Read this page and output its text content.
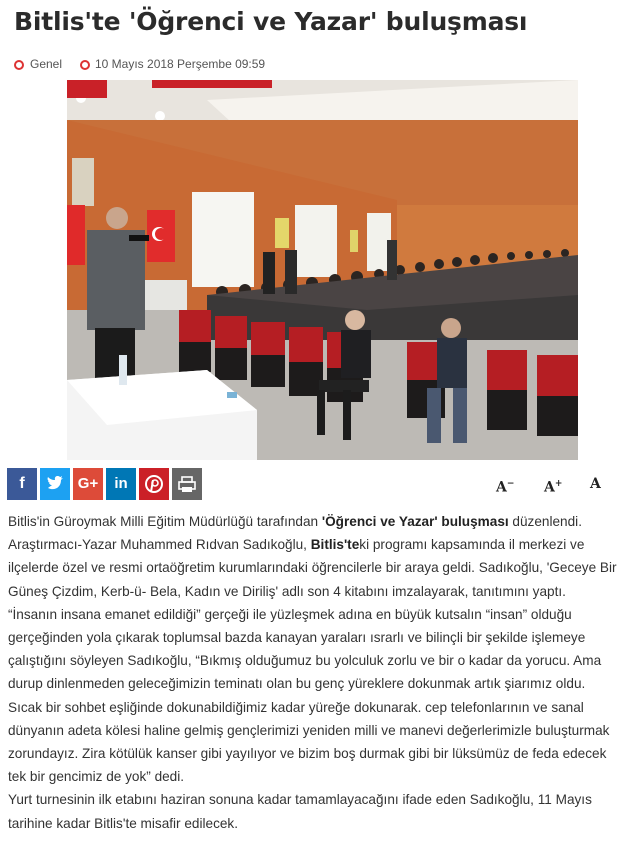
Bitlis'te 'Öğrenci ve Yazar' buluşması
Genel	10 Mayıs 2018 Perşembe 09:59
f	G+	in	A− A+ A

Bitlis'in Güroymak Milli Eğitim Müdürlüğü tarafından 'Öğrenci ve Yazar' buluşması düzenlendi.

Araştırmacı-Yazar Muhammed Rıdvan Sadıkoğlu, Bitlis'teki programı kapsamında il merkezi ve ilçelerde özel ve resmi ortaöğretim kurumlarındaki öğrencilerle bir araya geldi. Sadıkoğlu, 'Geceye Bir Güneş Çizdim, Kerb-ü- Bela, Kadın ve Diriliş' adlı son 4 kitabını imzalayarak, tanıtımını yaptı. “İnsanın insana emanet edildiği” gerçeği ile yüzleşmek adına en büyük kutsalın “insan” olduğu gerçeğinden yola çıkarak toplumsal bazda kanayan yaraları ısrarlı ve bilinçli bir şekilde işlemeye çalıştığını söyleyen Sadıkoğlu, “Bıkmış olduğumuz bu yolculuk zorlu ve bir o kadar da yorucu. Ama durup dinlenmeden geleceğimizin teminatı olan bu genç yüreklere dokunmak artık şiarımız oldu. Sıcak bir sohbet eşliğinde dokunabildiğimiz kadar yüreğe dokunarak. cep telefonlarının ve sanal dünyanın adeta kölesi haline gelmiş gençlerimizi yeniden milli ve manevi değerlerimizle buluşturmak zorundayız. Zira kötülük kanser gibi yayılıyor ve bizim boş durmak gibi bir lüksümüz de feda edecek tek bir gencimiz de yok” dedi.

Yurt turnesinin ilk etabını haziran sonuna kadar tamamlayacağını ifade eden Sadıkoğlu, 11 Mayıs tarihine kadar Bitlis'te misafir edilecek.
